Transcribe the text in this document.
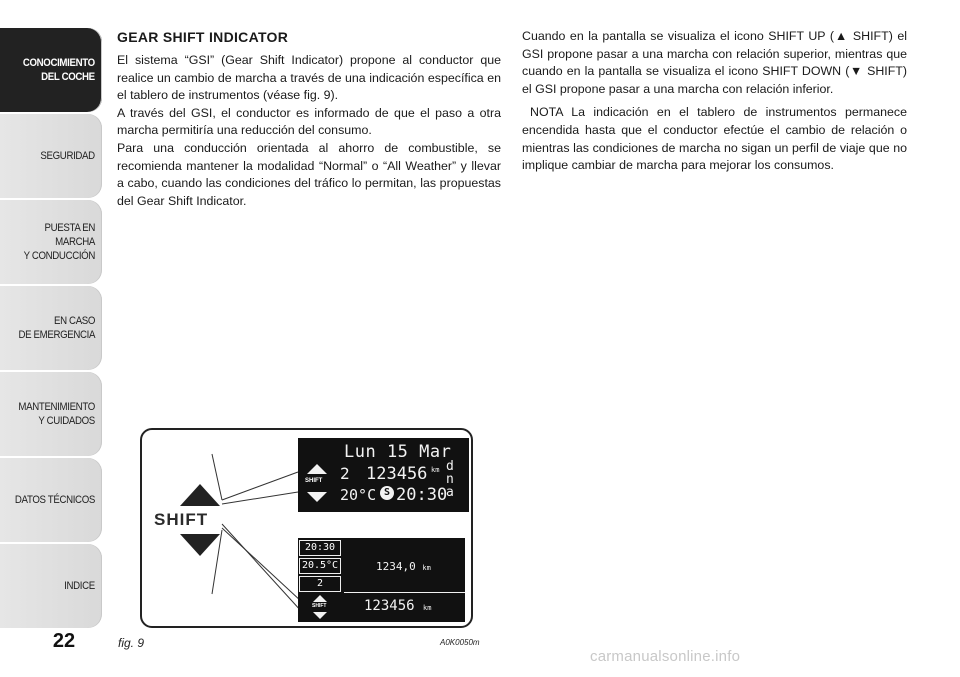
CONOCIMIENTO
DEL COCHE
SEGURIDAD
PUESTA EN MARCHA
Y CONDUCCIÓN
EN CASO
DE EMERGENCIA
MANTENIMIENTO
Y CUIDADOS
DATOS TÉCNICOS
INDICE
22
GEAR SHIFT INDICATOR

El sistema “GSI” (Gear Shift Indicator) propone al conductor que realice un cambio de marcha a través de una indicación específica en el tablero de instrumentos (véase fig. 9).

A través del GSI, el conductor es informado de que el paso a otra marcha permitiría una reducción del consumo.

Para una conducción orientada al ahorro de combustible, se recomienda mantener la modalidad “Normal” o “All Weather” y llevar a cabo, cuando las condiciones del tráfico lo permitan, las propuestas del Gear Shift Indicator.

Cuando en la pantalla se visualiza el icono SHIFT UP (▲ SHIFT) el GSI propone pasar a una marcha con relación superior, mientras que cuando en la pantalla se visualiza el icono SHIFT DOWN (▼ SHIFT) el GSI propone pasar a una marcha con relación inferior.

NOTA La indicación en el tablero de instrumentos permanece encendida hasta que el conductor efectúe el cambio de relación o mientras las condiciones de marcha no sigan un perfil de viaje que no implique cambiar de marcha para mejorar los consumos.

SHIFT
Lun 15 Mar
SHIFT 2 123456 km d
n
a
20°C S 20:30
20:30
20.5°C
2
SHIFT
1234,0 km
123456 km
fig. 9	A0K0050m
carmanualsonline.info
